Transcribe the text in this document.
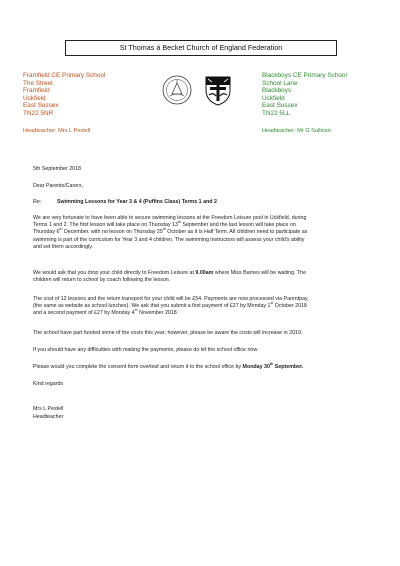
St Thomas á Becket Church of England Federation
Framfield CE Primary School
The Street
Framfield
Uckfield
East Sussex
TN22 5NR
Blackboys CE Primary School
School Lane
Blackboys
Uckfield
East Sussex
TN22 5LL
Headteacher: Mrs L Pestell	Headteacher: Mr G Sullivan
5th September 2018
Dear Parents/Carers,
Re:	Swimming Lessons for Year 3 & 4 (Puffins Class) Terms 1 and 2
We are very fortunate to have been able to secure swimming lessons at the Freedom Leisure pool in Uckfield, during
Terms 1 and 2. The first lesson will take place on Thursday 13th September and the last lesson will take place on
Thursday 6th December, with no lesson on Thursday 25th October as it is Half Term. All children need to participate as
swimming is part of the curriculum for Year 3 and 4 children. The swimming instructors will assess your child's ability
and set them accordingly.
We would ask that you drop your child directly to Freedom Leisure at 9.00am where Miss Barnes will be waiting. The
children will return to school by coach following the lesson.
The cost of 12 lessons and the return transport for your child will be £54. Payments are now processed via Parentpay,
(the same as website as school lunches). We ask that you submit a first payment of £27 by Monday 1st October 2018
and a second payment of £27 by Monday 4th November 2018.
The school have part funded some of the costs this year; however, please be aware the costs will increase in 2019.
If you should have any difficulties with making the payments, please do let the school office now.
Please would you complete the consent form overleaf and return it to the school office by Monday 30th September.
Kind regards
Mrs L Pestell
Headteacher
